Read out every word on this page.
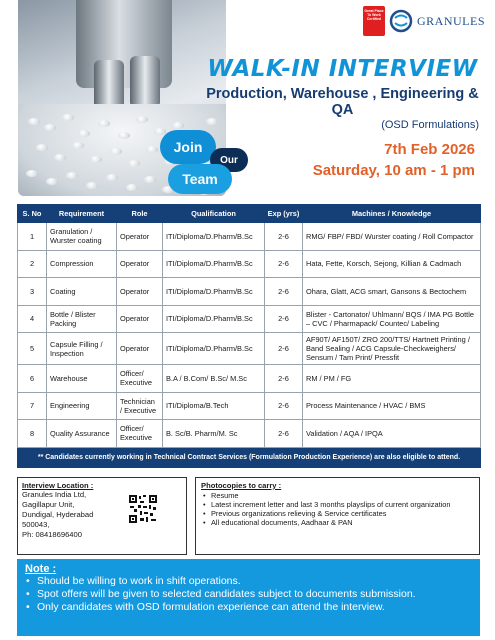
Join
Our
Team
Great Place To Work Certified	GRANULES
WALK-IN INTERVIEW
Production, Warehouse , Engineering & QA
(OSD Formulations)
7th Feb 2026
Saturday, 10 am - 1 pm
S. No	Requirement	Role	Qualification	Exp (yrs)	Machines / Knowledge
1	Granulation / Wurster coating	Operator	ITI/Diploma/D.Pharm/B.Sc	2-6	RMG/ FBP/ FBD/ Wurster coating / Roll Compactor
2	Compression	Operator	ITI/Diploma/D.Pharm/B.Sc	2-6	Hata, Fette, Korsch, Sejong, Killian & Cadmach
3	Coating	Operator	ITI/Diploma/D.Pharm/B.Sc	2-6	Ohara, Glatt, ACG smart, Gansons & Bectochem
4	Bottle / Blister Packing	Operator	ITI/Diploma/D.Pharm/B.Sc	2-6	Blister - Cartonator/ Uhlmann/ BQS / IMA PG Bottle – CVC / Pharmapack/ Countec/ Labeling
5	Capsule Filling / Inspection	Operator	ITI/Diploma/D.Pharm/B.Sc	2-6	AF90T/ AF150T/ ZRO 200/TTS/ Hartnett Printing / Band Sealing / ACG Capsule-Checkweighers/ Sensum / Tam Print/ Pressfit
6	Warehouse	Officer/ Executive	B.A / B.Com/ B.Sc/ M.Sc	2-6	RM / PM / FG
7	Engineering	Technician / Executive	ITI/Diploma/B.Tech	2-6	Process Maintenance / HVAC / BMS
8	Quality Assurance	Officer/ Executive	B. Sc/B. Pharm/M. Sc	2-6	Validation / AQA / IPQA
** Candidates currently working in Technical Contract Services (Formulation Production Experience) are also eligible to attend.					
Interview Location :
Granules India Ltd,
Gagillapur Unit,
Dundigal, Hyderabad
500043,
Ph: 08418696400
Photocopies to carry :
• Resume
• Latest increment letter and last 3 months playslips of current organization
• Previous organizations relieving & Service certificates
• All educational documents, Aadhaar & PAN
Note :
• Should be willing to work in shift operations.
• Spot offers will be given to selected candidates subject to documents submission.
• Only candidates with OSD formulation experience can attend the interview.
